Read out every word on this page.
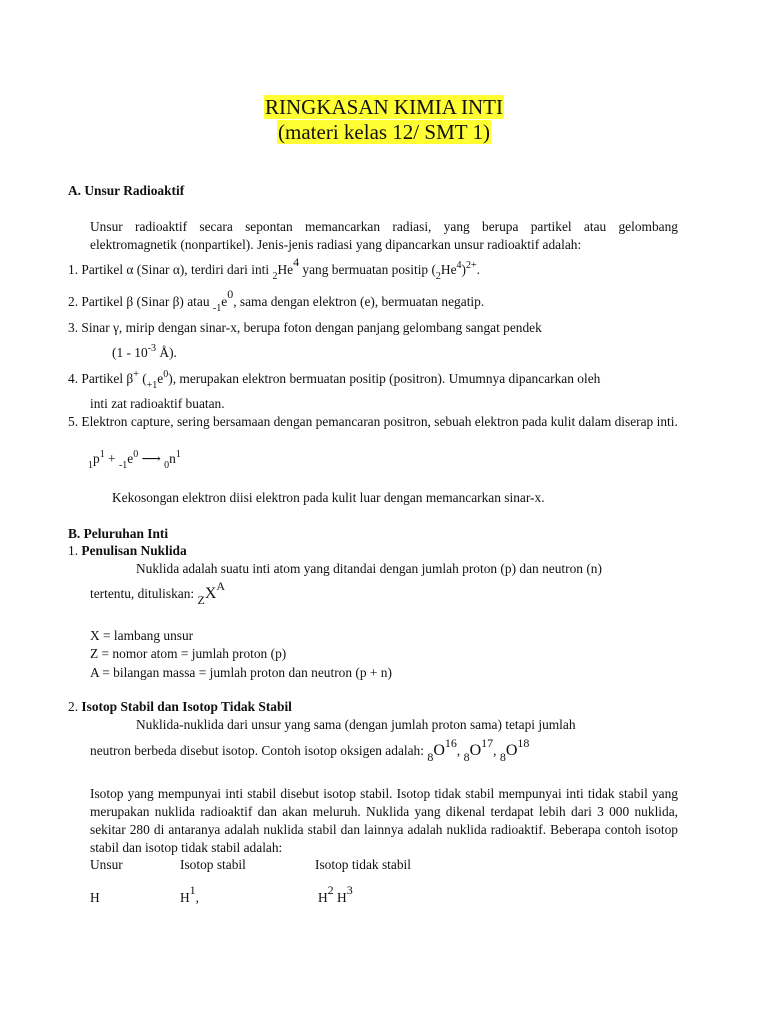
RINGKASAN KIMIA INTI
(materi kelas 12/ SMT 1)
A. Unsur Radioaktif
Unsur radioaktif secara sepontan memancarkan radiasi, yang berupa partikel atau gelombang elektromagnetik (nonpartikel). Jenis-jenis radiasi yang dipancarkan unsur radioaktif adalah:
1. Partikel α (Sinar α), terdiri dari inti $_2$He4 yang bermuatan positip $(_2He^4)^{2+}$.
2. Partikel β (Sinar β) atau $_{-1}$e0, sama dengan elektron (e), bermuatan negatip.
3. Sinar γ, mirip dengan sinar-x, berupa foton dengan panjang gelombang sangat pendek
($1 - 10^{-3}$ Å).
4. Partikel β+ $(_{+1}e^0)$, merupakan elektron bermuatan positip (positron). Umumnya dipancarkan oleh
inti zat radioaktif buatan.
5. Elektron capture, sering bersamaan dengan pemancaran positron, sebuah elektron pada kulit dalam diserap inti.
$_1p^1 + _{-1}e^0$ ⟶ $_0n^1$
Kekosongan elektron diisi elektron pada kulit luar dengan memancarkan sinar-x.
B. Peluruhan Inti
1. Penulisan Nuklida
Nuklida adalah suatu inti atom yang ditandai dengan jumlah proton (p) dan neutron (n)
tertentu, dituliskan: ZXA
X = lambang unsur
Z = nomor atom = jumlah proton (p)
A = bilangan massa = jumlah proton dan neutron (p + n)
2. Isotop Stabil dan Isotop Tidak Stabil
Nuklida-nuklida dari unsur yang sama (dengan jumlah proton sama) tetapi jumlah
neutron berbeda disebut isotop. Contoh isotop oksigen adalah: 8O16, 8O17, 8O18
Isotop yang mempunyai inti stabil disebut isotop stabil. Isotop tidak stabil mempunyai inti tidak stabil yang merupakan nuklida radioaktif dan akan meluruh. Nuklida yang dikenal terdapat lebih dari 3 000 nuklida, sekitar 280 di antaranya adalah nuklida stabil dan lainnya adalah nuklida radioaktif. Beberapa contoh isotop stabil dan isotop tidak stabil adalah:
Unsur	Isotop stabil	Isotop tidak stabil
H	H1,	H2 H3
